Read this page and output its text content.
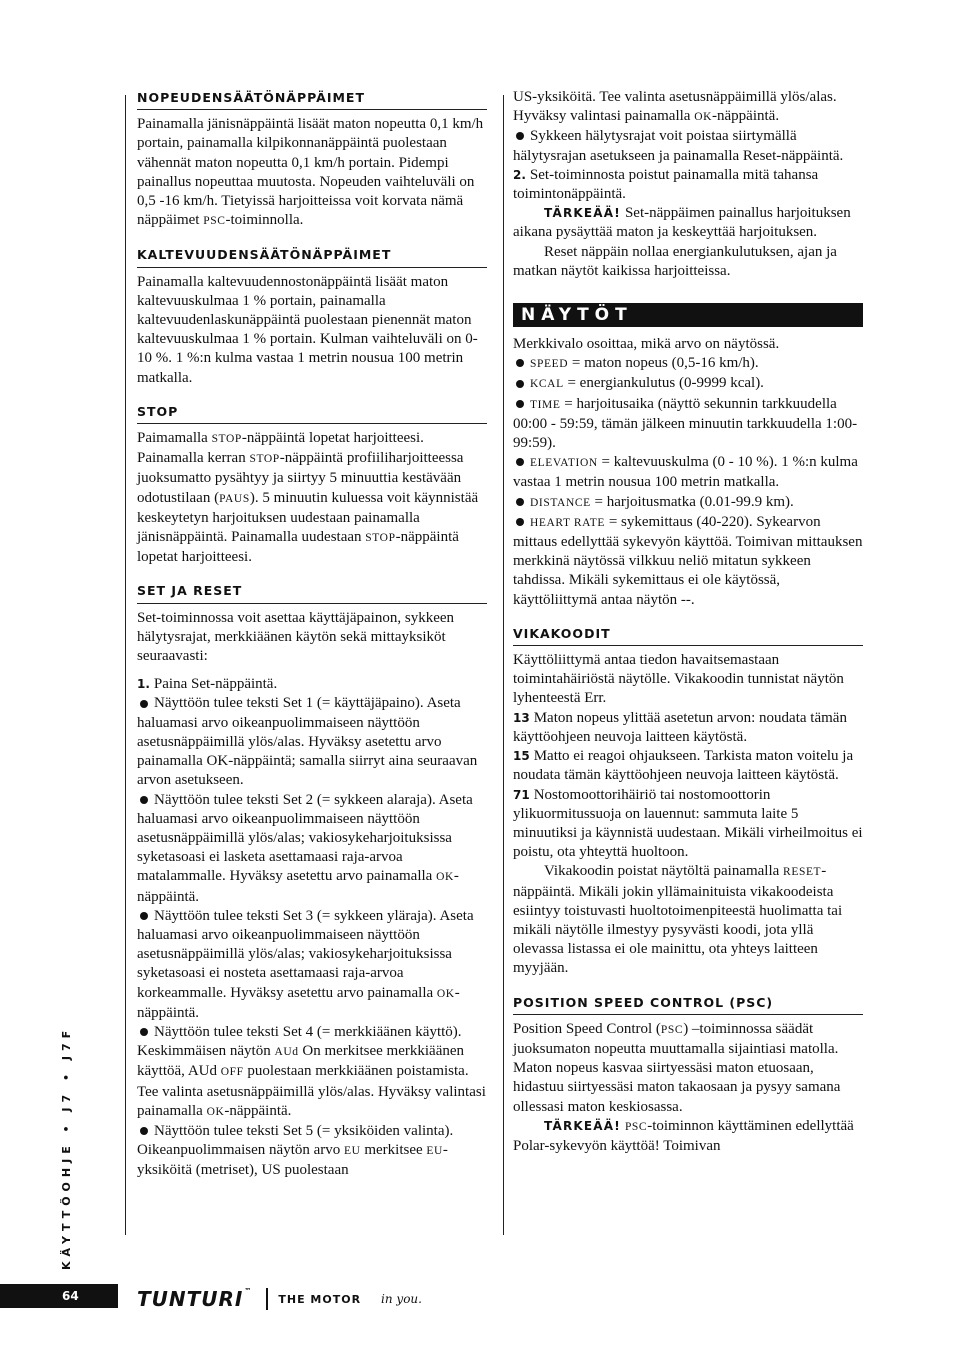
NOPEUDENSÄÄTÖNÄPPÄIMET

Painamalla jänisnäppäintä lisäät maton nopeutta 0,1 km/h portain, painamalla kilpikonnanäppäintä puolestaan vähennät maton nopeutta 0,1 km/h portain. Pidempi painallus nopeuttaa muutosta. Nopeuden vaihteluväli on 0,5 -16 km/h. Tietyissä harjoitteissa voit korvata nämä näppäimet PSC-toiminnolla.

KALTEVUUDENSÄÄTÖNÄPPÄIMET

Painamalla kaltevuudennostonäppäintä lisäät maton kaltevuuskulmaa 1 % portain, painamalla kaltevuudenlaskunäppäintä puolestaan pienennät maton kaltevuuskulmaa 1 % portain. Kulman vaihteluväli on 0-10 %. 1 %:n kulma vastaa 1 metrin nousua 100 metrin matkalla.

STOP

Paimamalla STOP-näppäintä lopetat harjoitteesi. Painamalla kerran STOP-näppäintä profiiliharjoitteessa juoksumatto pysähtyy ja siirtyy 5 minuuttia kestävään odotustilaan (PAUS). 5 minuutin kuluessa voit käynnistää keskeytetyn harjoituksen uudestaan painamalla jänisnäppäintä. Painamalla uudestaan STOP-näppäintä lopetat harjoitteesi.

SET JA RESET

Set-toiminnossa voit asettaa käyttäjäpainon, sykkeen hälytysrajat, merkkiäänen käytön sekä mittayksiköt seuraavasti:

1. Paina Set-näppäintä.

Näyttöön tulee teksti Set 1 (= käyttäjäpaino). Aseta haluamasi arvo oikeanpuolimmaiseen näyttöön asetusnäppäimillä ylös/alas. Hyväksy asetettu arvo painamalla OK-näppäintä; samalla siirryt aina seuraavan arvon asetukseen.

Näyttöön tulee teksti Set 2 (= sykkeen alaraja). Aseta haluamasi arvo oikeanpuolimmaiseen näyttöön asetusnäppäimillä ylös/alas; vakiosykeharjoituksissa syketasoasi ei lasketa asettamaasi raja-arvoa matalammalle. Hyväksy asetettu arvo painamalla OK-näppäintä.

Näyttöön tulee teksti Set 3 (= sykkeen yläraja). Aseta haluamasi arvo oikeanpuolimmaiseen näyttöön asetusnäppäimillä ylös/alas; vakiosykeharjoituksissa syketasoasi ei nosteta asettamaasi raja-arvoa korkeammalle. Hyväksy asetettu arvo painamalla OK-näppäintä.

Näyttöön tulee teksti Set 4 (= merkkiäänen käyttö). Keskimmäisen näytön AUd On merkitsee merkkiäänen käyttöä, AUd OFF puolestaan merkkiäänen poistamista. Tee valinta asetusnäppäimillä ylös/alas. Hyväksy valintasi painamalla OK-näppäintä.

Näyttöön tulee teksti Set 5 (= yksiköiden valinta). Oikeanpuolimmaisen näytön arvo EU merkitsee EU-yksiköitä (metriset), US puolestaan

US-yksiköitä. Tee valinta asetusnäppäimillä ylös/alas. Hyväksy valintasi painamalla OK-näppäintä.

Sykkeen hälytysrajat voit poistaa siirtymällä hälytysrajan asetukseen ja painamalla Reset-näppäintä.

2. Set-toiminnosta poistut painamalla mitä tahansa toimintonäppäintä.

TÄRKEÄÄ! Set-näppäimen painallus harjoituksen aikana pysäyttää maton ja keskeyttää harjoituksen.

Reset näppäin nollaa energiankulutuksen, ajan ja matkan näytöt kaikissa harjoitteissa.

NÄYTÖT

Merkkivalo osoittaa, mikä arvo on näytössä.

SPEED = maton nopeus (0,5-16 km/h).

KCAL = energiankulutus (0-9999 kcal).

TIME = harjoitusaika (näyttö sekunnin tarkkuudella 00:00 - 59:59, tämän jälkeen minuutin tarkkuudella 1:00-99:59).

ELEVATION = kaltevuuskulma (0 - 10 %). 1 %:n kulma vastaa 1 metrin nousua 100 metrin matkalla.

DISTANCE = harjoitusmatka (0.01-99.9 km).

HEART RATE = sykemittaus (40-220). Sykearvon mittaus edellyttää sykevyön käyttöä. Toimivan mittauksen merkkinä näytössä vilkkuu neliö mitatun sykkeen tahdissa. Mikäli sykemittaus ei ole käytössä, käyttöliittymä antaa näytön --.

VIKAKOODIT

Käyttöliittymä antaa tiedon havaitsemastaan toimintahäiriöstä näytölle. Vikakoodin tunnistat näytön lyhenteestä Err.

13 Maton nopeus ylittää asetetun arvon: noudata tämän käyttöohjeen neuvoja laitteen käytöstä.

15 Matto ei reagoi ohjaukseen. Tarkista maton voitelu ja noudata tämän käyttöohjeen neuvoja laitteen käytöstä.

71 Nostomoottorihäiriö tai nostomoottorin ylikuormitussuoja on lauennut: sammuta laite 5 minuutiksi ja käynnistä uudestaan. Mikäli virheilmoitus ei poistu, ota yhteyttä huoltoon.

Vikakoodin poistat näytöltä painamalla RESET-näppäintä. Mikäli jokin yllämainituista vikakoodeista esiintyy toistuvasti huoltotoimenpiteestä huolimatta tai mikäli näytölle ilmestyy pysyvästi koodi, jota yllä olevassa listassa ei ole mainittu, ota yhteys laitteen myyjään.

POSITION SPEED CONTROL (PSC)

Position Speed Control (PSC) –toiminnossa säädät juoksumaton nopeutta muuttamalla sijaintiasi matolla. Maton nopeus kasvaa siirtyessäsi maton etuosaan, hidastuu siirtyessäsi maton takaosaan ja pysyy samana ollessasi maton keskiosassa.

TÄRKEÄÄ! PSC-toiminnon käyttäminen edellyttää Polar-sykevyön käyttöä! Toimivan

KÄYTTÖOHJE • J7 • J7F
64	TUNTURI™
THE MOTOR in you.
